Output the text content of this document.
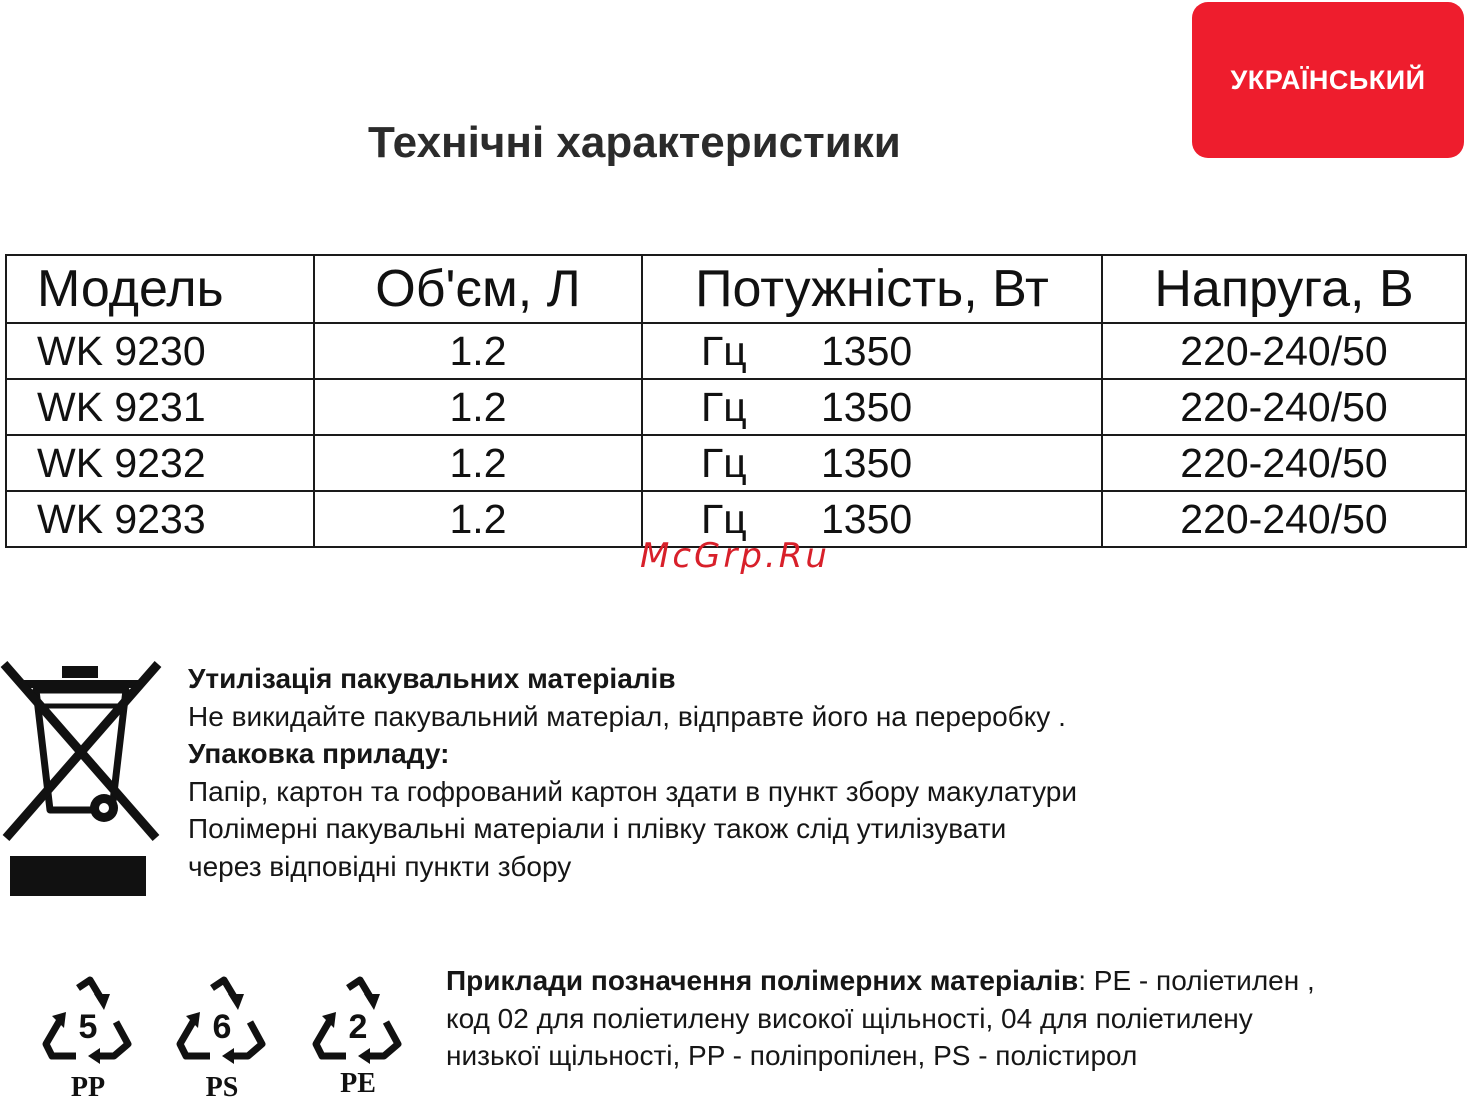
УКРАЇНСЬКИЙ
Технічні характеристики
Модель	Об'єм, Л	Потужність, Вт	Напруга, В
WK 9230	1.2	Гц 1350	220-240/50
WK 9231	1.2	Гц 1350	220-240/50
WK 9232	1.2	Гц 1350	220-240/50
WK 9233	1.2	Гц 1350	220-240/50
McGrp.Ru

Утилізація пакувальних матеріалів

Не викидайте пакувальний матеріал, відправте його на переробку .

Упаковка приладу:

Папір, картон та гофрований картон здати в пункт збору макулатури

Полімерні пакувальні матеріали і плівку також слід утилізувати

через відповідні пункти збору

5
PP
6
PS
2
PE

Приклади позначення полімерних матеріалів: PE - поліетилен ,

код 02 для поліетилену високої щільності, 04 для поліетилену

низької щільності, PP - поліпропілен, PS - полістирол
